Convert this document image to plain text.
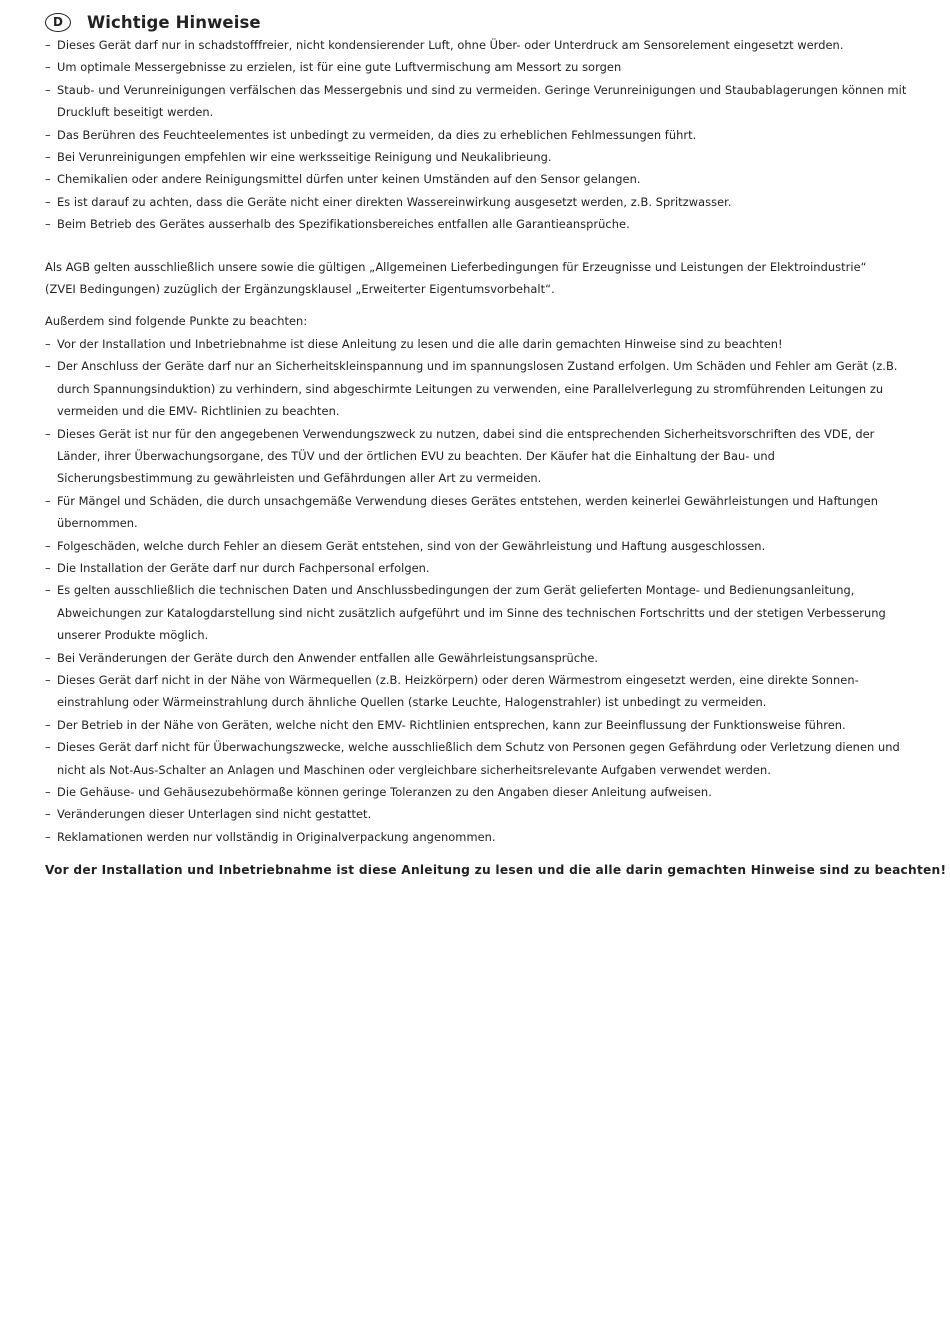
D	Wichtige Hinweise
– Dieses Gerät darf nur in schadstofffreier, nicht kondensierender Luft, ohne Über- oder Unterdruck am Sensorelement eingesetzt werden.
– Um optimale Messergebnisse zu erzielen, ist für eine gute Luftvermischung am Messort zu sorgen
– Staub- und Verunreinigungen verfälschen das Messergebnis und sind zu vermeiden. Geringe Verunreinigungen und Staubablagerungen können mit Druckluft beseitigt werden.
– Das Berühren des Feuchteelementes ist unbedingt zu vermeiden, da dies zu erheblichen Fehlmessungen führt.
– Bei Verunreinigungen empfehlen wir eine werksseitige Reinigung und Neukalibrieung.
– Chemikalien oder andere Reinigungsmittel dürfen unter keinen Umständen auf den Sensor gelangen.
– Es ist darauf zu achten, dass die Geräte nicht einer direkten Wassereinwirkung ausgesetzt werden, z.B. Spritzwasser.
– Beim Betrieb des Gerätes ausserhalb des Spezifikationsbereiches entfallen alle Garantieansprüche.

Als AGB gelten ausschließlich unsere sowie die gültigen „Allgemeinen Lieferbedingungen für Erzeugnisse und Leistungen der Elektroindustrie“

(ZVEI Bedingungen) zuzüglich der Ergänzungsklausel „Erweiterter Eigentumsvorbehalt“.

Außerdem sind folgende Punkte zu beachten:

– Vor der Installation und Inbetriebnahme ist diese Anleitung zu lesen und die alle darin gemachten Hinweise sind zu beachten!
– Der Anschluss der Geräte darf nur an Sicherheitskleinspannung und im spannungslosen Zustand erfolgen. Um Schäden und Fehler am Gerät (z.B. durch Spannungsinduktion) zu verhindern, sind abgeschirmte Leitungen zu verwenden, eine Parallelverlegung zu stromführenden Leitungen zu vermeiden und die EMV- Richtlinien zu beachten.
– Dieses Gerät ist nur für den angegebenen Verwendungszweck zu nutzen, dabei sind die entsprechenden Sicherheitsvorschriften des VDE, der Länder, ihrer Überwachungsorgane, des TÜV und der örtlichen EVU zu beachten. Der Käufer hat die Einhaltung der Bau- und Sicherungsbestimmung zu gewährleisten und Gefährdungen aller Art zu vermeiden.
– Für Mängel und Schäden, die durch unsachgemäße Verwendung dieses Gerätes entstehen, werden keinerlei Gewährleistungen und Haftungen übernommen.
– Folgeschäden, welche durch Fehler an diesem Gerät entstehen, sind von der Gewährleistung und Haftung ausgeschlossen.
– Die Installation der Geräte darf nur durch Fachpersonal erfolgen.
– Es gelten ausschließlich die technischen Daten und Anschlussbedingungen der zum Gerät gelieferten Montage- und Bedienungsanleitung, Abweichungen zur Katalogdarstellung sind nicht zusätzlich aufgeführt und im Sinne des technischen Fortschritts und der stetigen Verbesserung unserer Produkte möglich.
– Bei Veränderungen der Geräte durch den Anwender entfallen alle Gewährleistungsansprüche.
– Dieses Gerät darf nicht in der Nähe von Wärmequellen (z.B. Heizkörpern) oder deren Wärmestrom eingesetzt werden, eine direkte Sonnen-einstrahlung oder Wärmeinstrahlung durch ähnliche Quellen (starke Leuchte, Halogenstrahler) ist unbedingt zu vermeiden.
– Der Betrieb in der Nähe von Geräten, welche nicht den EMV- Richtlinien entsprechen, kann zur Beeinflussung der Funktionsweise führen.
– Dieses Gerät darf nicht für Überwachungszwecke, welche ausschließlich dem Schutz von Personen gegen Gefährdung oder Verletzung dienen und nicht als Not-Aus-Schalter an Anlagen und Maschinen oder vergleichbare sicherheitsrelevante Aufgaben verwendet werden.
– Die Gehäuse- und Gehäusezubehörmaße können geringe Toleranzen zu den Angaben dieser Anleitung aufweisen.
– Veränderungen dieser Unterlagen sind nicht gestattet.
– Reklamationen werden nur vollständig in Originalverpackung angenommen.

Vor der Installation und Inbetriebnahme ist diese Anleitung zu lesen und die alle darin gemachten Hinweise sind zu beachten!
